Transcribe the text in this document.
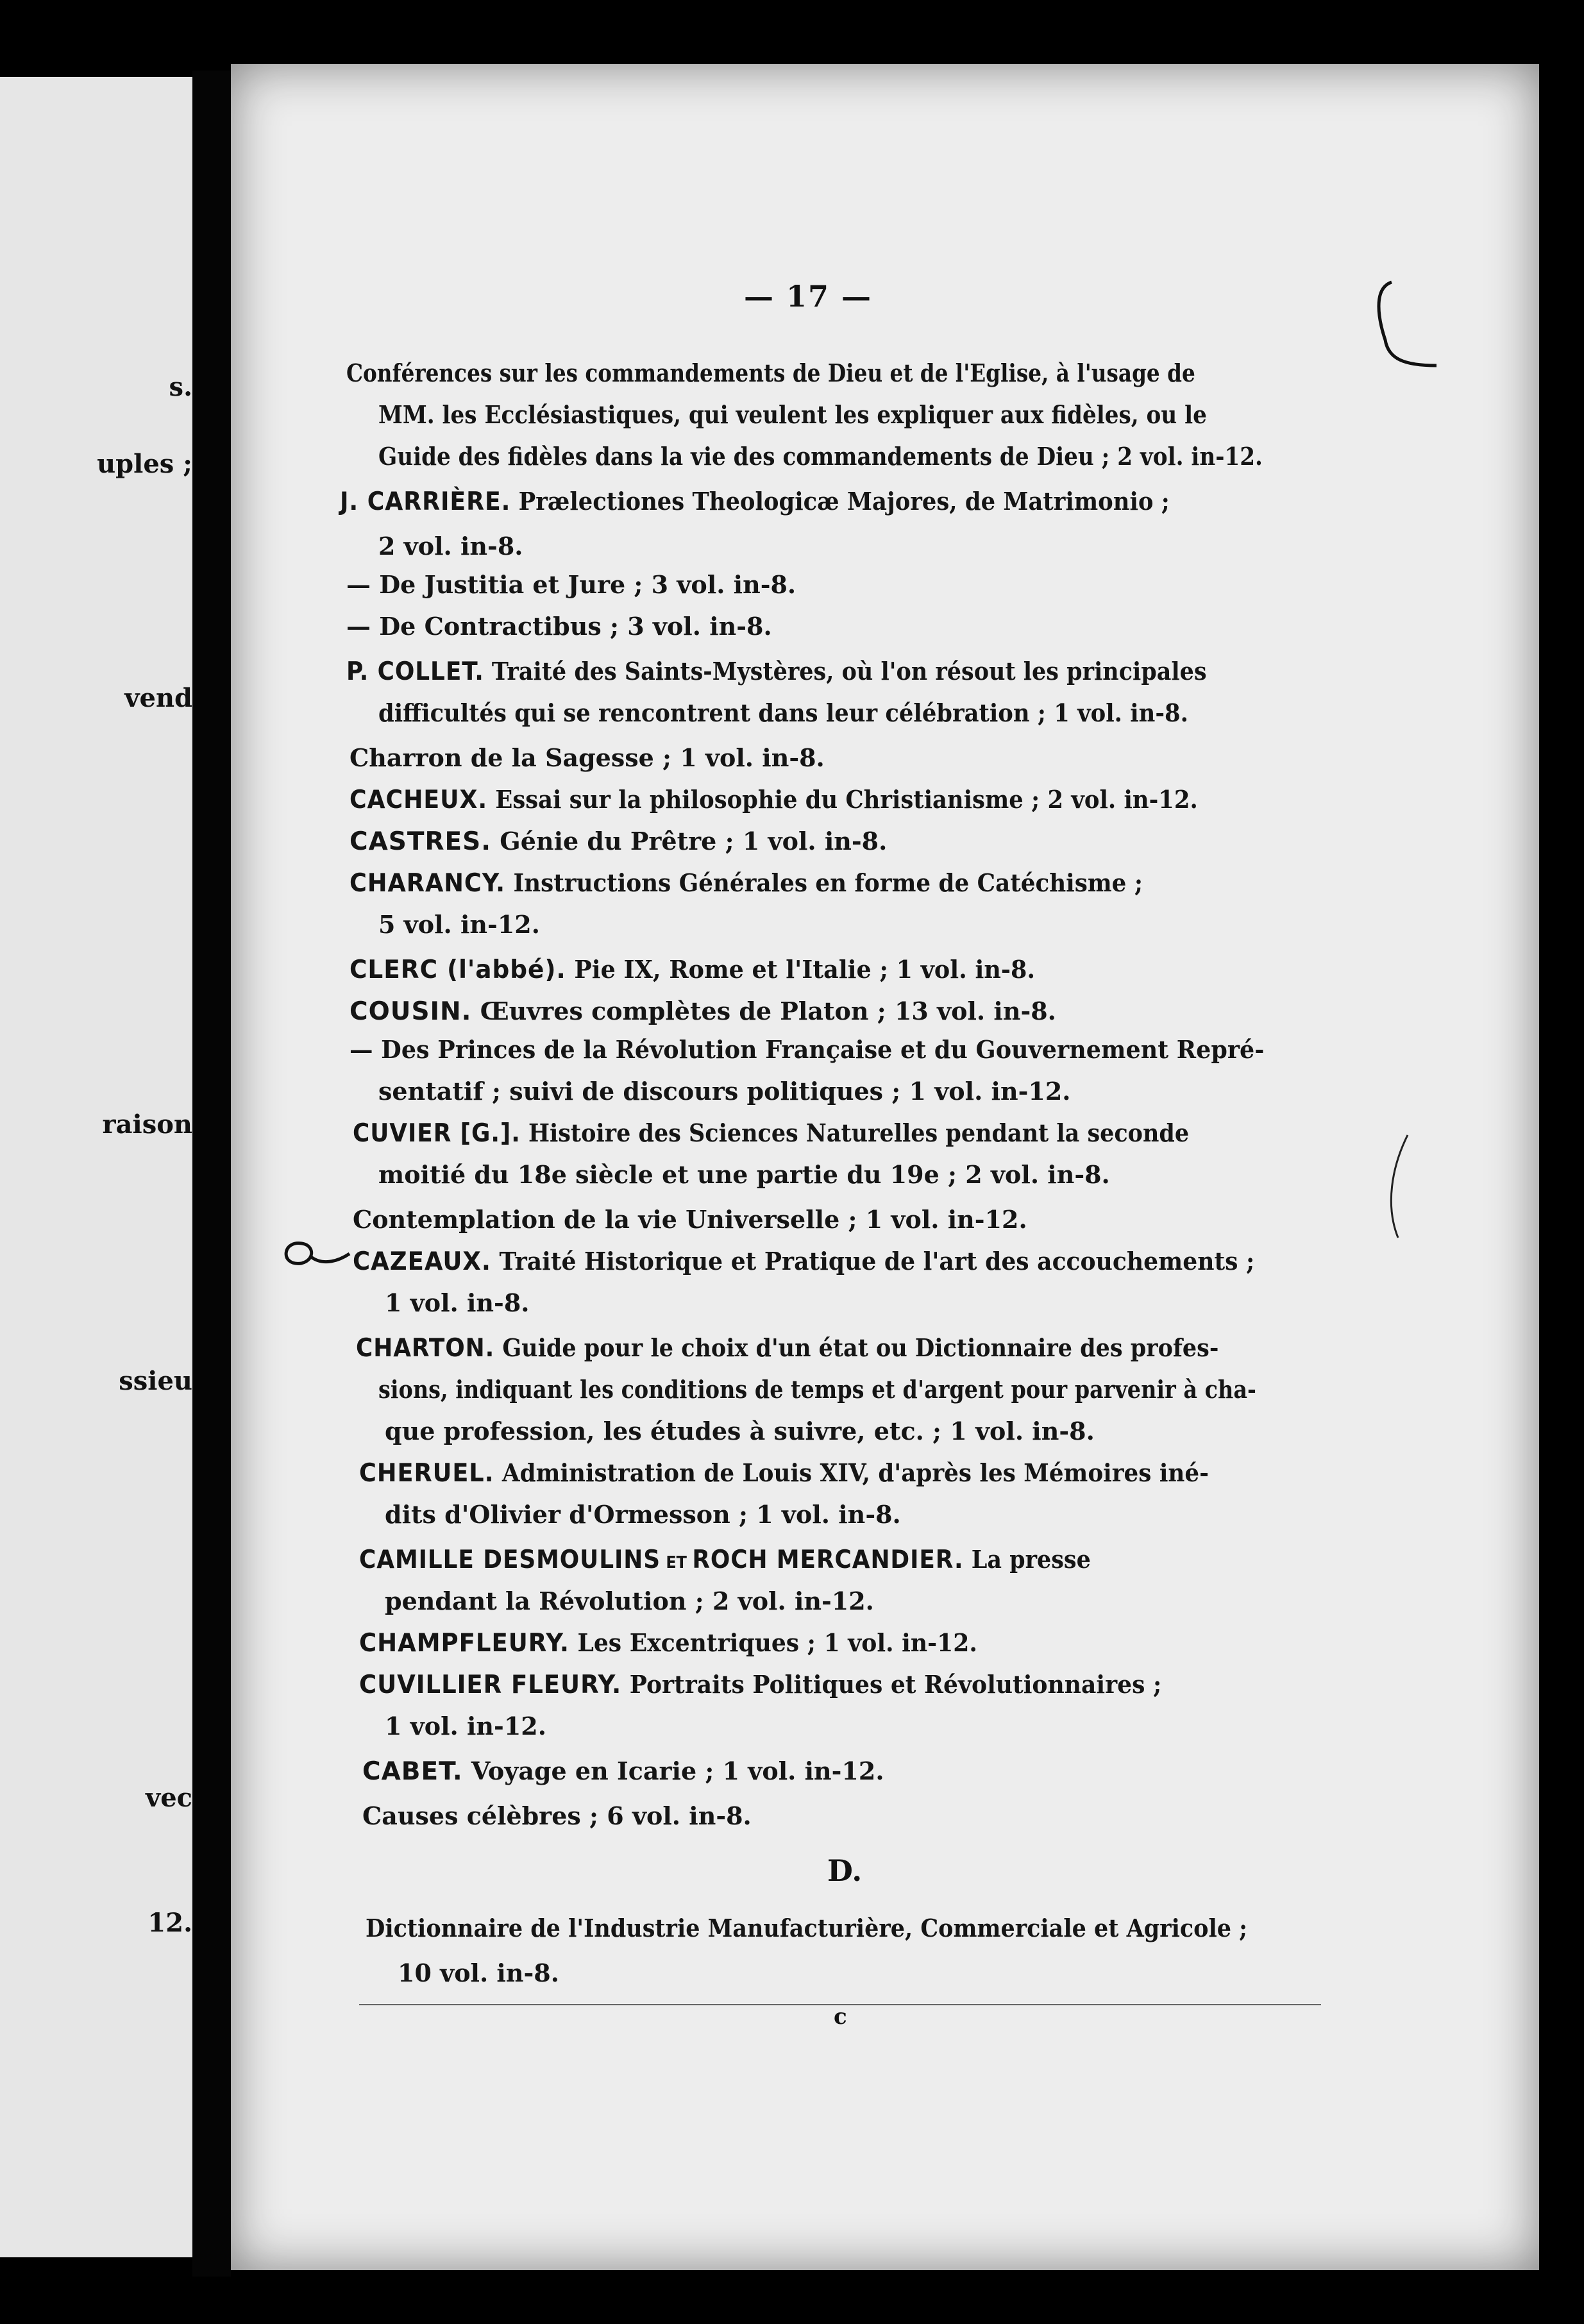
s.
uples ;
vend
raison
ssieu
vec
12.
— 17 —
Conférences sur les commandements de Dieu et de l'Eglise, à l'usage de
MM. les Ecclésiastiques, qui veulent les expliquer aux fidèles, ou le
Guide des fidèles dans la vie des commandements de Dieu ; 2 vol. in-12.
J. CARRIÈRE. Prælectiones Theologicæ Majores, de Matrimonio ;
2 vol. in-8.
— De Justitia et Jure ; 3 vol. in-8.
— De Contractibus ; 3 vol. in-8.
P. COLLET. Traité des Saints-Mystères, où l'on résout les principales
difficultés qui se rencontrent dans leur célébration ; 1 vol. in-8.
Charron de la Sagesse ; 1 vol. in-8.
CACHEUX. Essai sur la philosophie du Christianisme ; 2 vol. in-12.
CASTRES. Génie du Prêtre ; 1 vol. in-8.
CHARANCY. Instructions Générales en forme de Catéchisme ;
5 vol. in-12.
CLERC (l'abbé). Pie IX, Rome et l'Italie ; 1 vol. in-8.
COUSIN. Œuvres complètes de Platon ; 13 vol. in-8.
— Des Princes de la Révolution Française et du Gouvernement Repré-
sentatif ; suivi de discours politiques ; 1 vol. in-12.
CUVIER [G.]. Histoire des Sciences Naturelles pendant la seconde
moitié du 18e siècle et une partie du 19e ; 2 vol. in-8.
Contemplation de la vie Universelle ; 1 vol. in-12.
CAZEAUX. Traité Historique et Pratique de l'art des accouchements ;
1 vol. in-8.
CHARTON. Guide pour le choix d'un état ou Dictionnaire des profes-
sions, indiquant les conditions de temps et d'argent pour parvenir à cha-
que profession, les études à suivre, etc. ; 1 vol. in-8.
CHERUEL. Administration de Louis XIV, d'après les Mémoires iné-
dits d'Olivier d'Ormesson ; 1 vol. in-8.
CAMILLE DESMOULINS ET ROCH MERCANDIER. La presse
pendant la Révolution ; 2 vol. in-12.
CHAMPFLEURY. Les Excentriques ; 1 vol. in-12.
CUVILLIER FLEURY. Portraits Politiques et Révolutionnaires ;
1 vol. in-12.
CABET. Voyage en Icarie ; 1 vol. in-12.
Causes célèbres ; 6 vol. in-8.
D.
Dictionnaire de l'Industrie Manufacturière, Commerciale et Agricole ;
10 vol. in-8.
c
